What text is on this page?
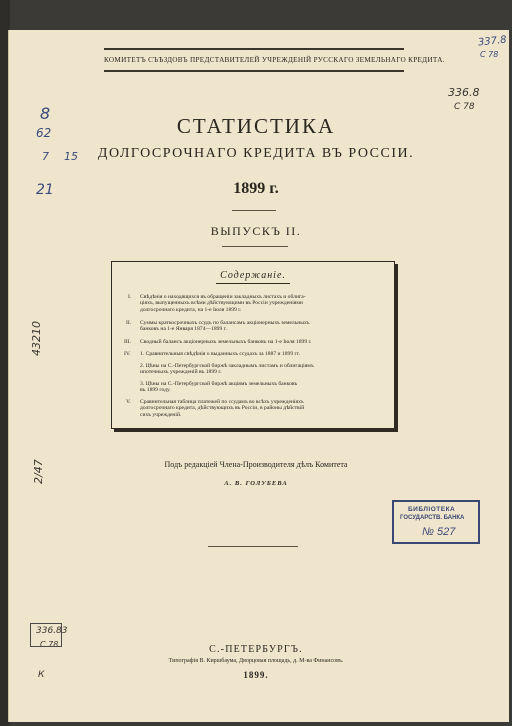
КОМИТЕТЪ СЪѢЗДОВЪ ПРЕДСТАВИТЕЛЕЙ УЧРЕЖДЕНІЙ РУССКАГО ЗЕМЕЛЬНАГО КРЕДИТА.
СТАТИСТИКА
ДОЛГОСРОЧНАГО КРЕДИТА ВЪ РОССІИ.
1899 г.
ВЫПУСКЪ II.
Содержаніе.
I. Свѣдѣнія о находящихся въ обращеніи закладныхъ листахъ и облига-
ціяхъ, выпущенныхъ всѣми дѣйствующими въ Россіи учрежденіями
долгосрочнаго кредита, на 1-е Іюля 1899 г.
II. Суммы краткосрочныхъ ссудъ по балансамъ акціонерныхъ земельныхъ
банковъ на 1-е Января 1874—1899 г.
III. Сводный балансъ акціонерныхъ земельныхъ банковъ на 1-е Іюля 1899 г.
IV. 1. Сравнительныя свѣдѣнія о выданныхъ ссудахъ за 1887 и 1899 гг.
2. Цѣны на С.-Петербургской биржѣ закладнымъ листамъ и облигаціямъ
ипотечныхъ учрежденій въ 1899 г.
3. Цѣны на С.-Петербургской биржѣ акціямъ земельныхъ банковъ
въ 1899 году.
V. Сравнительная таблица платежей по ссудамъ во всѣхъ учрежденіяхъ
долгосрочнаго кредита, дѣйствующихъ въ Россіи, в районы дѣйствій
сихъ учрежденій.
Подъ редакціей Члена-Производителя дѣлъ Комитета
А. В. ГОЛУБЕВА
БИБЛІОТЕКА
ГОСУДАРСТВ. БАНКА
№ 527
С.-ПЕТЕРБУРГЪ.
Типографія В. Киршбаума, Дворцовая площадь, д. М-ва Финансовъ.
1899.
337.8
С 78
336.8
С 78
8
62
7 15
21
43210
2/47
336.83
С 78
К
